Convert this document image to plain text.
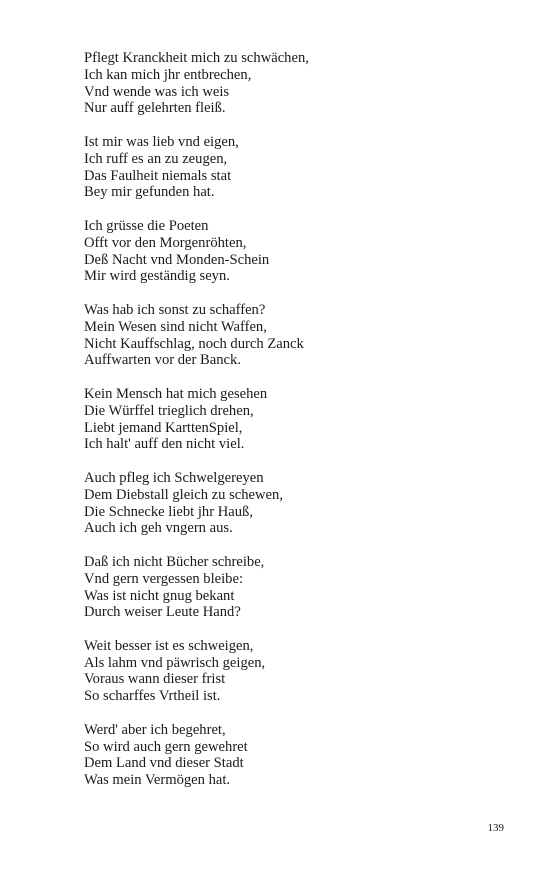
Pflegt Kranckheit mich zu schwächen,
Ich kan mich jhr entbrechen,
Vnd wende was ich weis
Nur auff gelehrten fleiß.
Ist mir was lieb vnd eigen,
Ich ruff es an zu zeugen,
Das Faulheit niemals stat
Bey mir gefunden hat.
Ich grüsse die Poeten
Offt vor den Morgenröhten,
Deß Nacht vnd Monden-Schein
Mir wird geständig seyn.
Was hab ich sonst zu schaffen?
Mein Wesen sind nicht Waffen,
Nicht Kauffschlag, noch durch Zanck
Auffwarten vor der Banck.
Kein Mensch hat mich gesehen
Die Würffel trieglich drehen,
Liebt jemand KarttenSpiel,
Ich halt' auff den nicht viel.
Auch pfleg ich Schwelgereyen
Dem Diebstall gleich zu schewen,
Die Schnecke liebt jhr Hauß,
Auch ich geh vngern aus.
Daß ich nicht Bücher schreibe,
Vnd gern vergessen bleibe:
Was ist nicht gnug bekant
Durch weiser Leute Hand?
Weit besser ist es schweigen,
Als lahm vnd päwrisch geigen,
Voraus wann dieser frist
So scharffes Vrtheil ist.
Werd' aber ich begehret,
So wird auch gern gewehret
Dem Land vnd dieser Stadt
Was mein Vermögen hat.
139
